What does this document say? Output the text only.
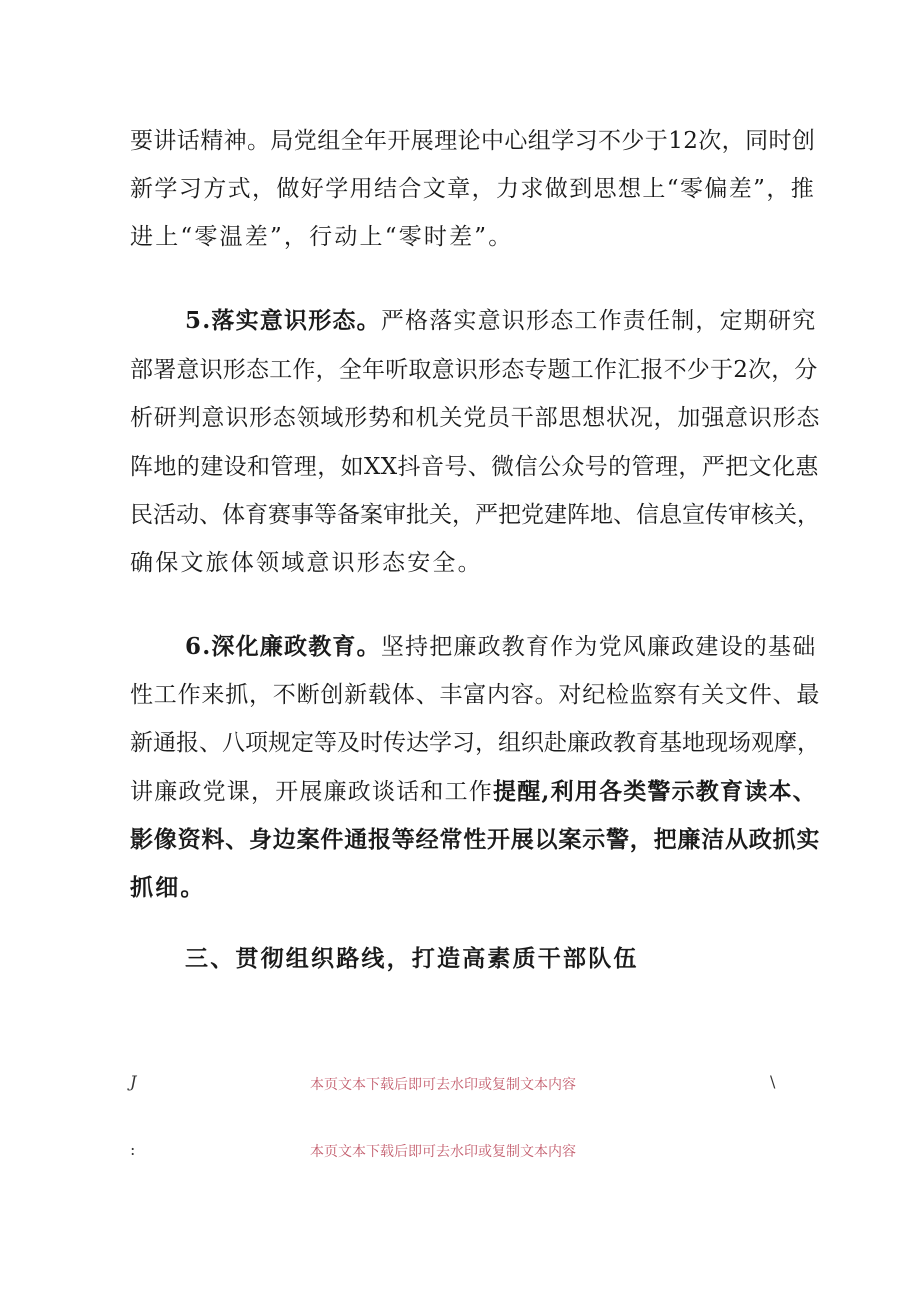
要讲话精神。局党组全年开展理论中心组学习不少于12次，同时创
新学习方式，做好学用结合文章，力求做到思想上“零偏差”，推
进上“零温差”，行动上“零时差”。
5.落实意识形态。严格落实意识形态工作责任制，定期研究
部署意识形态工作，全年听取意识形态专题工作汇报不少于2次，分
析研判意识形态领域形势和机关党员干部思想状况，加强意识形态
阵地的建设和管理，如XX抖音号、微信公众号的管理，严把文化惠
民活动、体育赛事等备案审批关，严把党建阵地、信息宣传审核关，
确保文旅体领域意识形态安全。
6.深化廉政教育。坚持把廉政教育作为党风廉政建设的基础
性工作来抓，不断创新载体、丰富内容。对纪检监察有关文件、最
新通报、八项规定等及时传达学习，组织赴廉政教育基地现场观摩，
讲廉政党课，开展廉政谈话和工作提醒,利用各类警示教育读本、
影像资料、身边案件通报等经常性开展以案示警，把廉洁从政抓实
抓细。
三、贯彻组织路线，打造高素质干部队伍
J	本页文本下载后即可去水印或复制文本内容	\
:	本页文本下载后即可去水印或复制文本内容
